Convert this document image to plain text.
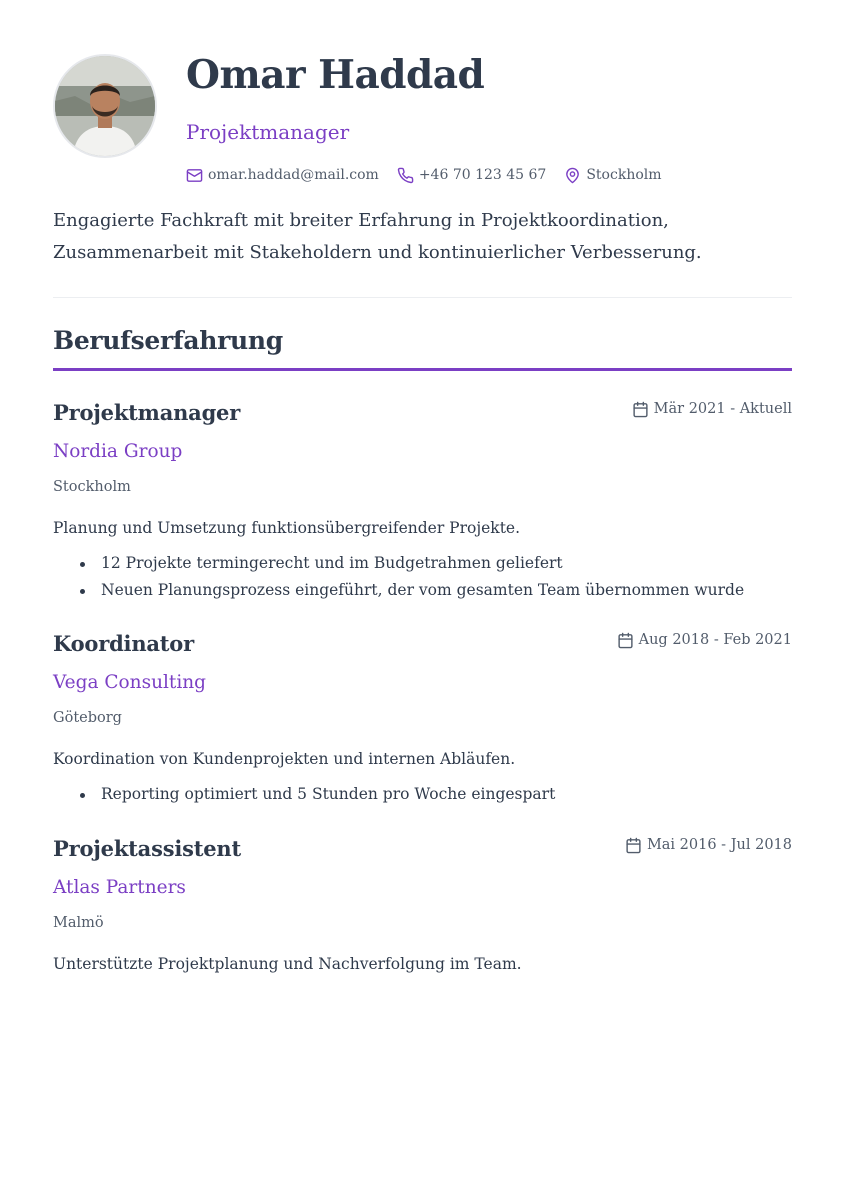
Omar Haddad
Projektmanager
omar.haddad@mail.com	+46 70 123 45 67	Stockholm

Engagierte Fachkraft mit breiter Erfahrung in Projektkoordination, Zusammenarbeit mit Stakeholdern und kontinuierlicher Verbesserung.

Berufserfahrung
Projektmanager	Mär 2021 - Aktuell
Nordia Group
Stockholm

Planung und Umsetzung funktionsübergreifender Projekte.

12 Projekte termingerecht und im Budgetrahmen geliefert
Neuen Planungsprozess eingeführt, der vom gesamten Team übernommen wurde
Koordinator	Aug 2018 - Feb 2021
Vega Consulting
Göteborg

Koordination von Kundenprojekten und internen Abläufen.

Reporting optimiert und 5 Stunden pro Woche eingespart
Projektassistent	Mai 2016 - Jul 2018
Atlas Partners
Malmö

Unterstützte Projektplanung und Nachverfolgung im Team.
